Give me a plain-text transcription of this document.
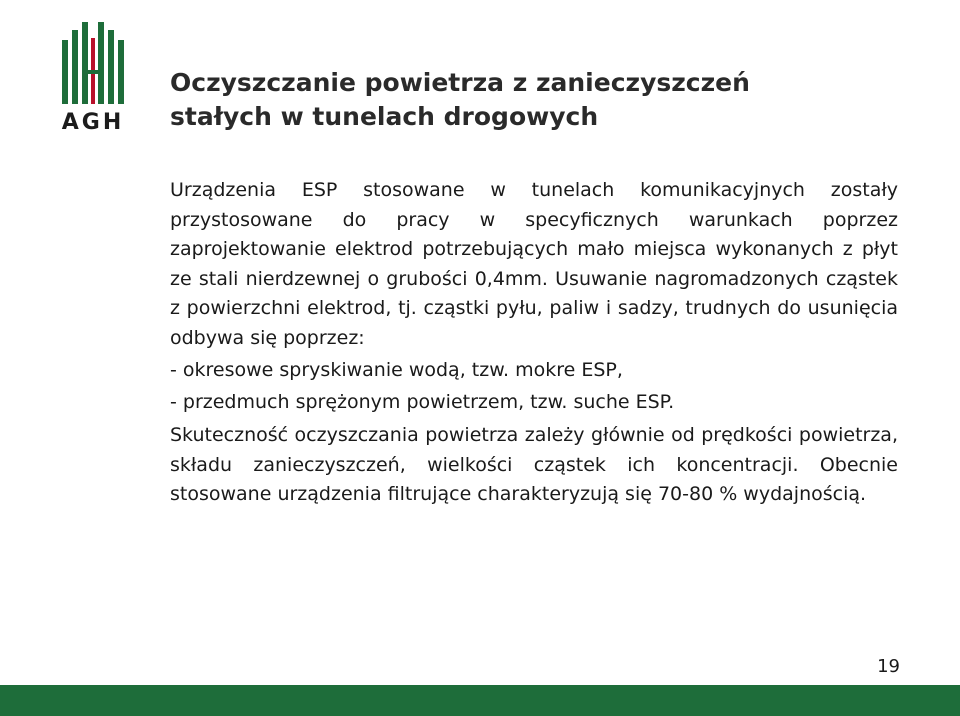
AGH
Oczyszczanie powietrza z zanieczyszczeń
stałych w tunelach drogowych

Urządzenia ESP stosowane w tunelach komunikacyjnych zostały przystosowane do pracy w specyficznych warunkach poprzez zaprojektowanie elektrod potrzebujących mało miejsca wykonanych z płyt ze stali nierdzewnej o grubości 0,4mm. Usuwanie nagromadzonych cząstek z powierzchni elektrod, tj. cząstki pyłu, paliw i sadzy, trudnych do usunięcia odbywa się poprzez:

- okresowe spryskiwanie wodą, tzw. mokre ESP,

- przedmuch sprężonym powietrzem, tzw. suche ESP.

Skuteczność oczyszczania powietrza zależy głównie od prędkości powietrza, składu zanieczyszczeń, wielkości cząstek ich koncentracji. Obecnie stosowane urządzenia filtrujące charakteryzują się 70-80 % wydajnością.

19
